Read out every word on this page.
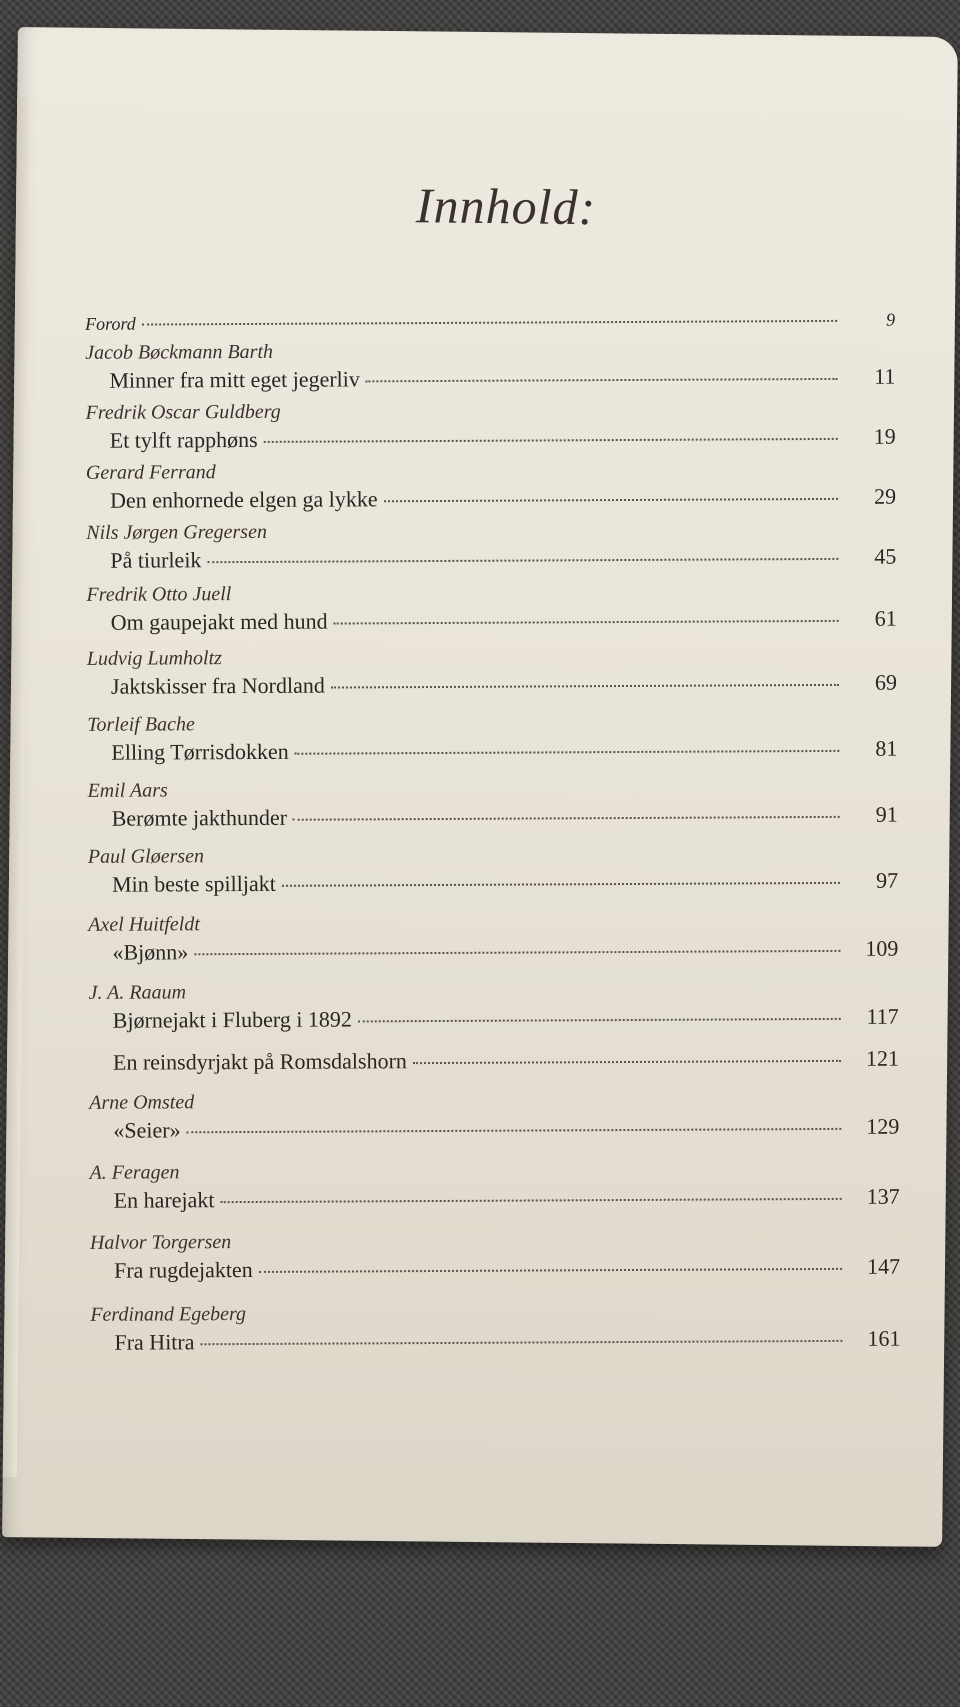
Innhold:
Forord	9
Jacob Bøckmann Barth
Minner fra mitt eget jegerliv	11
Fredrik Oscar Guldberg
Et tylft rapphøns	19
Gerard Ferrand
Den enhornede elgen ga lykke	29
Nils Jørgen Gregersen
På tiurleik	45
Fredrik Otto Juell
Om gaupejakt med hund	61
Ludvig Lumholtz
Jaktskisser fra Nordland	69
Torleif Bache
Elling Tørrisdokken	81
Emil Aars
Berømte jakthunder	91
Paul Gløersen
Min beste spilljakt	97
Axel Huitfeldt
«Bjønn»	109
J. A. Raaum
Bjørnejakt i Fluberg i 1892	117
En reinsdyrjakt på Romsdalshorn	121
Arne Omsted
«Seier»	129
A. Feragen
En harejakt	137
Halvor Torgersen
Fra rugdejakten	147
Ferdinand Egeberg
Fra Hitra	161
